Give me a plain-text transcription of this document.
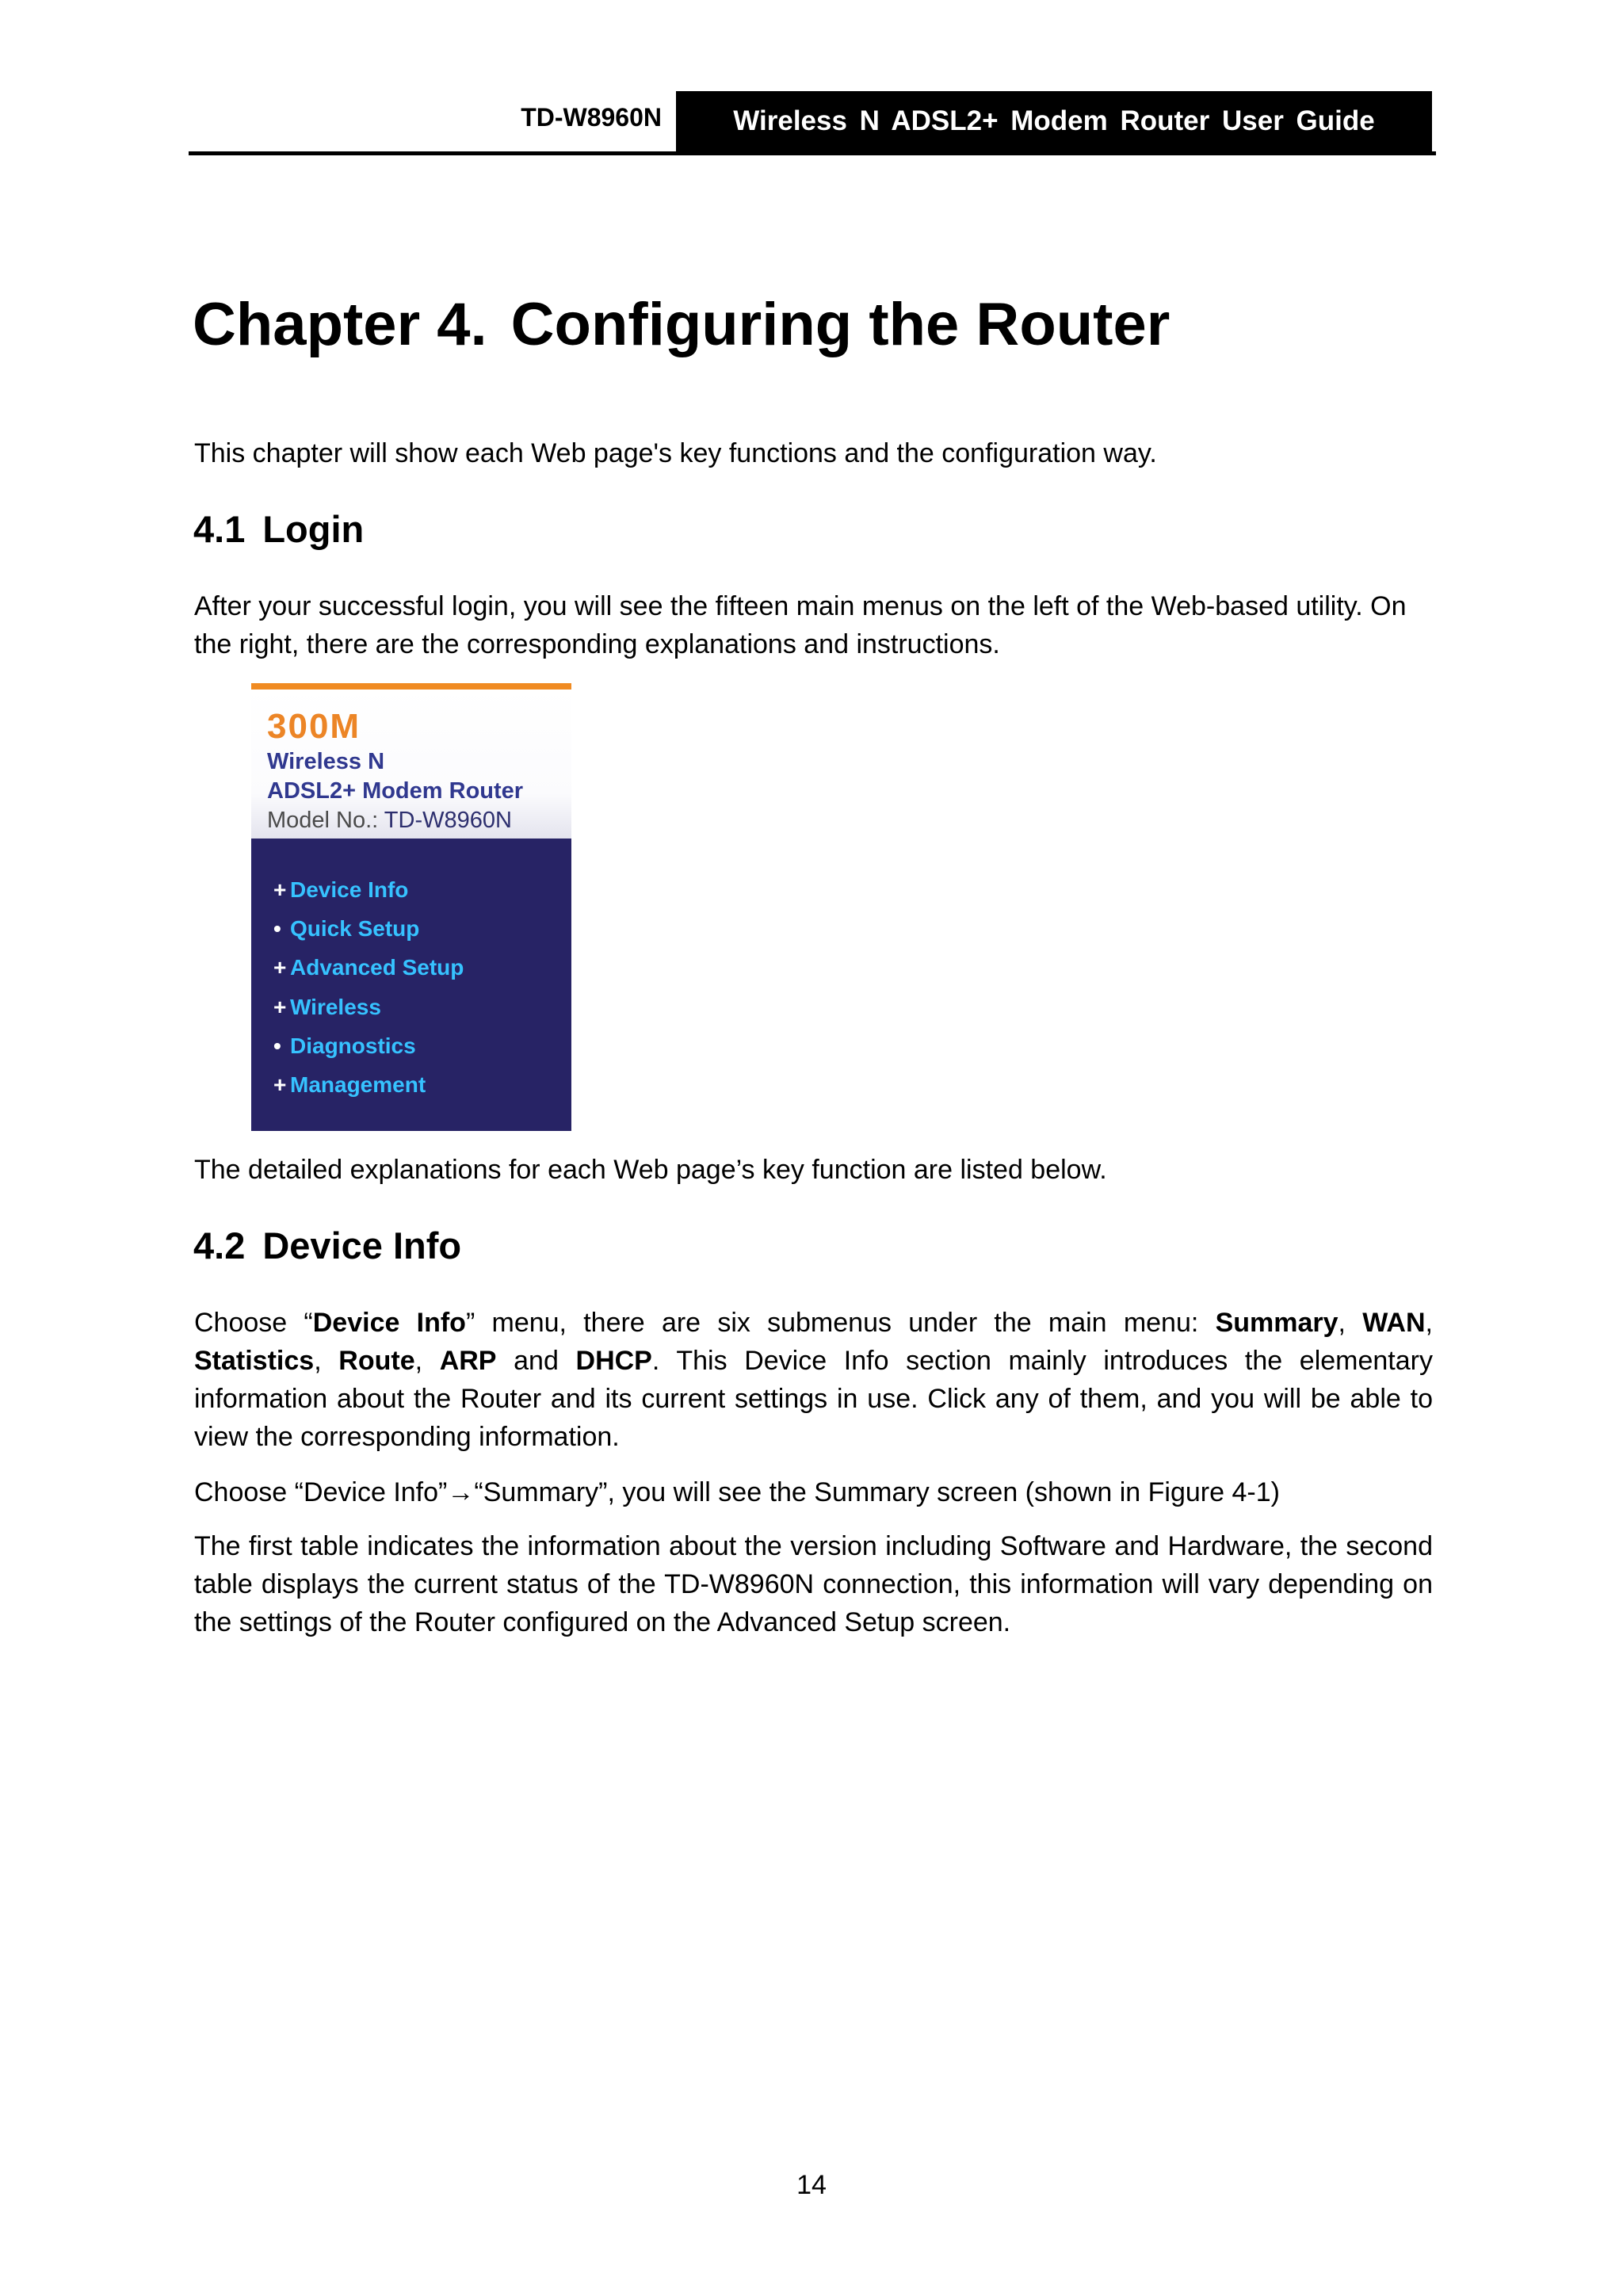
TD-W8960N	Wireless N ADSL2+ Modem Router User Guide
Chapter 4. Configuring the Router

This chapter will show each Web page's key functions and the configuration way.

4.1 Login

After your successful login, you will see the fifteen main menus on the left of the Web-based utility. On the right, there are the corresponding explanations and instructions.

300M
Wireless N
ADSL2+ Modem Router
Model No.: TD-W8960N
+ Device Info
• Quick Setup
+ Advanced Setup
+ Wireless
• Diagnostics
+ Management

The detailed explanations for each Web page’s key function are listed below.

4.2 Device Info

Choose “Device Info” menu, there are six submenus under the main menu: Summary, WAN, Statistics, Route, ARP and DHCP. This Device Info section mainly introduces the elementary information about the Router and its current settings in use. Click any of them, and you will be able to view the corresponding information.

Choose “Device Info”→“Summary”, you will see the Summary screen (shown in Figure 4-1)

The first table indicates the information about the version including Software and Hardware, the second table displays the current status of the TD-W8960N connection, this information will vary depending on the settings of the Router configured on the Advanced Setup screen.

14
